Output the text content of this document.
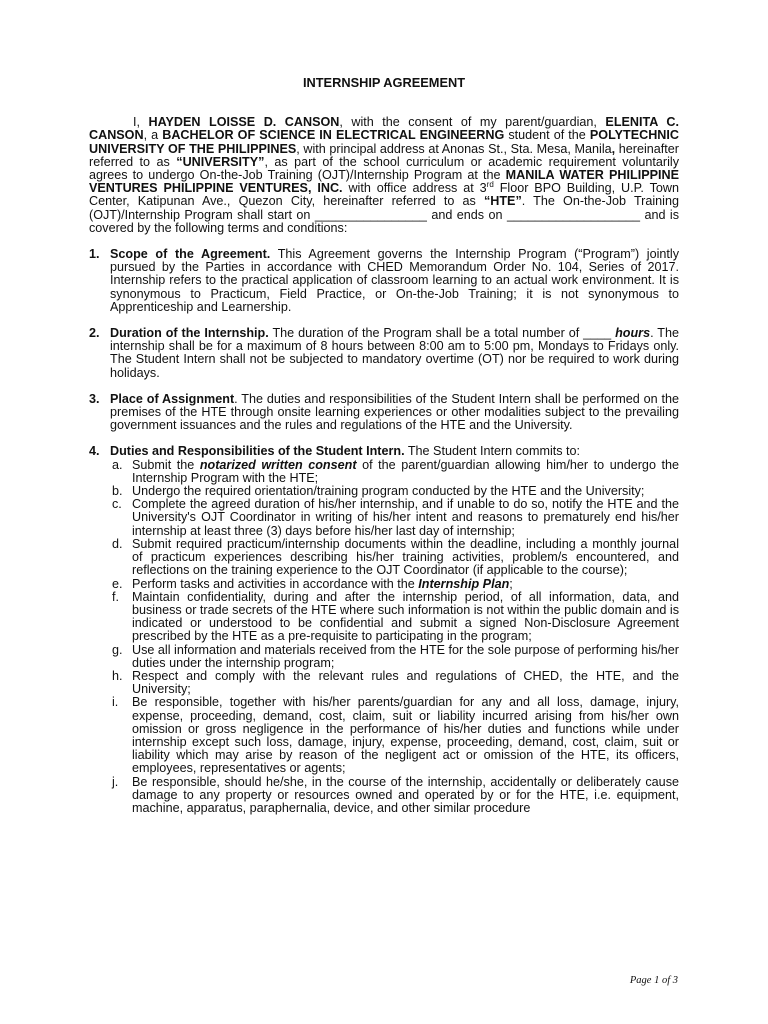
INTERNSHIP AGREEMENT

I, HAYDEN LOISSE D. CANSON, with the consent of my parent/guardian, ELENITA C. CANSON, a BACHELOR OF SCIENCE IN ELECTRICAL ENGINEERNG student of the POLYTECHNIC UNIVERSITY OF THE PHILIPPINES, with principal address at Anonas St., Sta. Mesa, Manila, hereinafter referred to as “UNIVERSITY”, as part of the school curriculum or academic requirement voluntarily agrees to undergo On-the-Job Training (OJT)/Internship Program at the MANILA WATER PHILIPPINE VENTURES PHILIPPINE VENTURES, INC. with office address at 3rd Floor BPO Building, U.P. Town Center, Katipunan Ave., Quezon City, hereinafter referred to as “HTE”. The On-the-Job Training (OJT)/Internship Program shall start on ________________ and ends on ___________________ and is covered by the following terms and conditions:

1. Scope of the Agreement. This Agreement governs the Internship Program (“Program”) jointly pursued by the Parties in accordance with CHED Memorandum Order No. 104, Series of 2017. Internship refers to the practical application of classroom learning to an actual work environment. It is synonymous to Practicum, Field Practice, or On-the-Job Training; it is not synonymous to Apprenticeship and Learnership.
2. Duration of the Internship. The duration of the Program shall be a total number of ____ hours. The internship shall be for a maximum of 8 hours between 8:00 am to 5:00 pm, Mondays to Fridays only. The Student Intern shall not be subjected to mandatory overtime (OT) nor be required to work during holidays.
3. Place of Assignment. The duties and responsibilities of the Student Intern shall be performed on the premises of the HTE through onsite learning experiences or other modalities subject to the prevailing government issuances and the rules and regulations of the HTE and the University.
4. Duties and Responsibilities of the Student Intern. The Student Intern commits to:
a. Submit the notarized written consent of the parent/guardian allowing him/her to undergo the Internship Program with the HTE;
b. Undergo the required orientation/training program conducted by the HTE and the University;
c. Complete the agreed duration of his/her internship, and if unable to do so, notify the HTE and the University's OJT Coordinator in writing of his/her intent and reasons to prematurely end his/her internship at least three (3) days before his/her last day of internship;
d. Submit required practicum/internship documents within the deadline, including a monthly journal of practicum experiences describing his/her training activities, problem/s encountered, and reflections on the training experience to the OJT Coordinator (if applicable to the course);
e. Perform tasks and activities in accordance with the Internship Plan;
f. Maintain confidentiality, during and after the internship period, of all information, data, and business or trade secrets of the HTE where such information is not within the public domain and is indicated or understood to be confidential and submit a signed Non-Disclosure Agreement prescribed by the HTE as a pre-requisite to participating in the program;
g. Use all information and materials received from the HTE for the sole purpose of performing his/her duties under the internship program;
h. Respect and comply with the relevant rules and regulations of CHED, the HTE, and the University;
i. Be responsible, together with his/her parents/guardian for any and all loss, damage, injury, expense, proceeding, demand, cost, claim, suit or liability incurred arising from his/her own omission or gross negligence in the performance of his/her duties and functions while under internship except such loss, damage, injury, expense, proceeding, demand, cost, claim, suit or liability which may arise by reason of the negligent act or omission of the HTE, its officers, employees, representatives or agents;
j. Be responsible, should he/she, in the course of the internship, accidentally or deliberately cause damage to any property or resources owned and operated by or for the HTE, i.e. equipment, machine, apparatus, paraphernalia, device, and other similar procedure
Page 1 of 3
